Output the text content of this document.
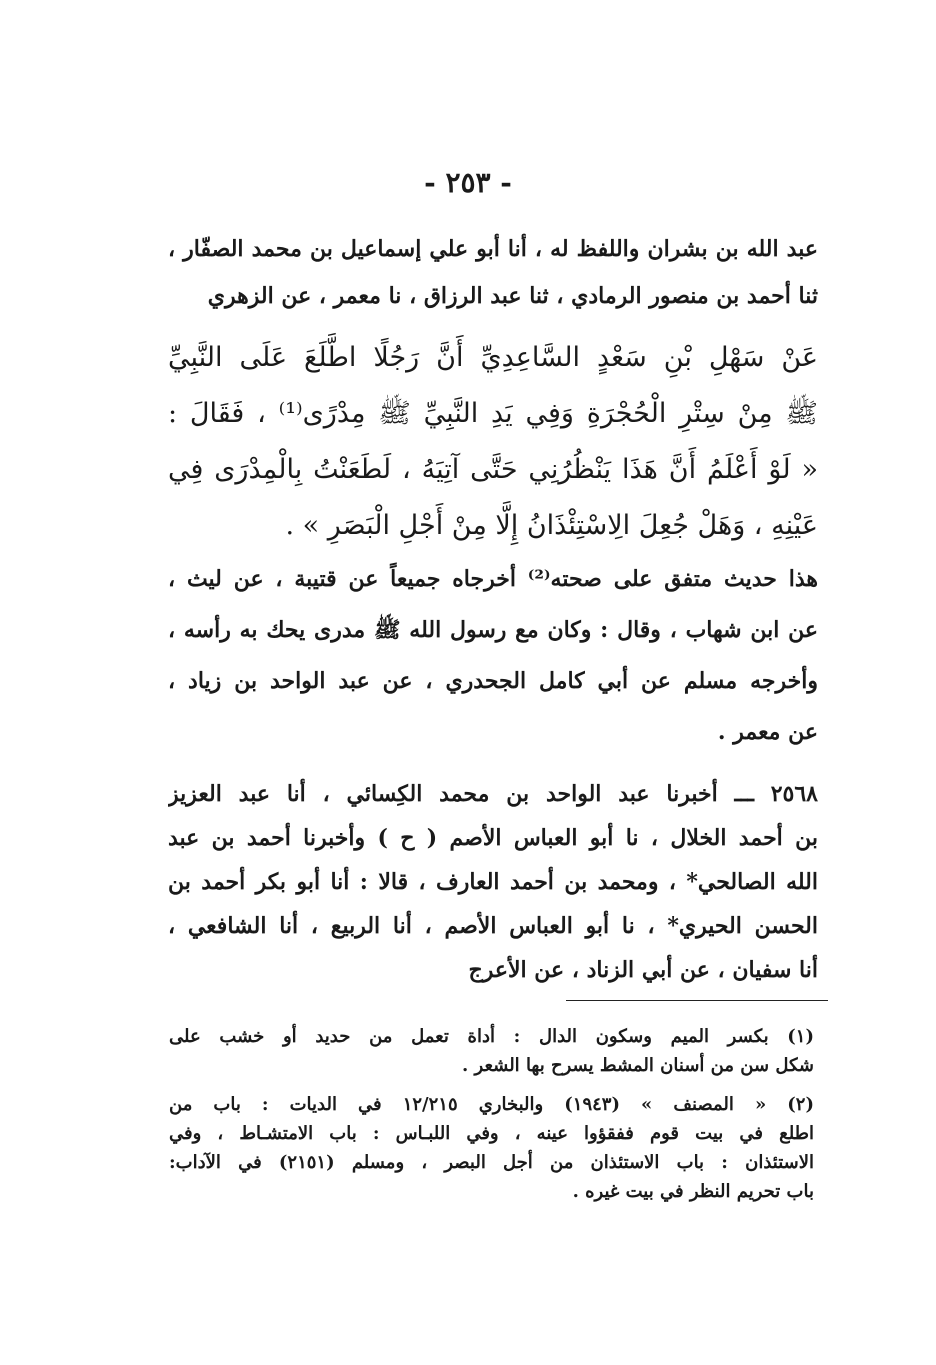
- ٢٥٣ -
عبد الله بن بشران واللفظ له ، أنا أبو علي إسماعيل بن محمد الصفّار ،
ثنا أحمد بن منصور الرمادي ، ثنا عبد الرزاق ، نا معمر ، عن الزهري
عَنْ سَهْلِ بْنِ سَعْدٍ السَّاعِدِيِّ أَنَّ رَجُلًا اطَّلَعَ عَلَى النَّبِيِّ
ﷺ مِنْ سِتْرِ الْحُجْرَةِ وَفِي يَدِ النَّبِيِّ ﷺ مِدْرًى⁽¹⁾ ، فَقَالَ :
« لَوْ أَعْلَمُ أَنَّ هَذَا يَنْظُرُنِي حَتَّى آتِيَهُ ، لَطَعَنْتُ بِالْمِدْرَى فِي
عَيْنِهِ ، وَهَلْ جُعِلَ الِاسْتِئْذَانُ إِلَّا مِنْ أَجْلِ الْبَصَرِ » .
هذا حديث متفق على صحته⁽²⁾ أخرجاه جميعاً عن قتيبة ، عن ليث ،
عن ابن شهاب ، وقال : وكان مع رسول الله ﷺ مدرى يحك به رأسه ،
وأخرجه مسلم عن أبي كامل الجحدري ، عن عبد الواحد بن زياد ،
عن معمر .
٢٥٦٨ ـــ أخبرنا عبد الواحد بن محمد الكِسائي ، أنا عبد العزيز
بن أحمد الخلال ، نا أبو العباس الأصم ( ح ) وأخبرنا أحمد بن عبد
الله الصالحي* ، ومحمد بن أحمد العارف ، قالا : أنا أبو بكر أحمد بن
الحسن الحيري* ، نا أبو العباس الأصم ، أنا الربيع ، أنا الشافعي ،
أنا سفيان ، عن أبي الزناد ، عن الأعرج
(١) بكسر الميم وسكون الدال : أداة تعمل من حديد أو خشب على
شكل سن من أسنان المشط يسرح بها الشعر .
(٢) « المصنف » (١٩٤٣) والبخاري ١٢/٢١٥ في الديات : باب من
اطلع في بيت قوم ففقؤوا عينه ، وفي اللبـاس : باب الامتشـاط ، وفي
الاستئذان : باب الاستئذان من أجل البصر ، ومسلم (٢١٥١) في الآداب:
باب تحريم النظر في بيت غيره .
